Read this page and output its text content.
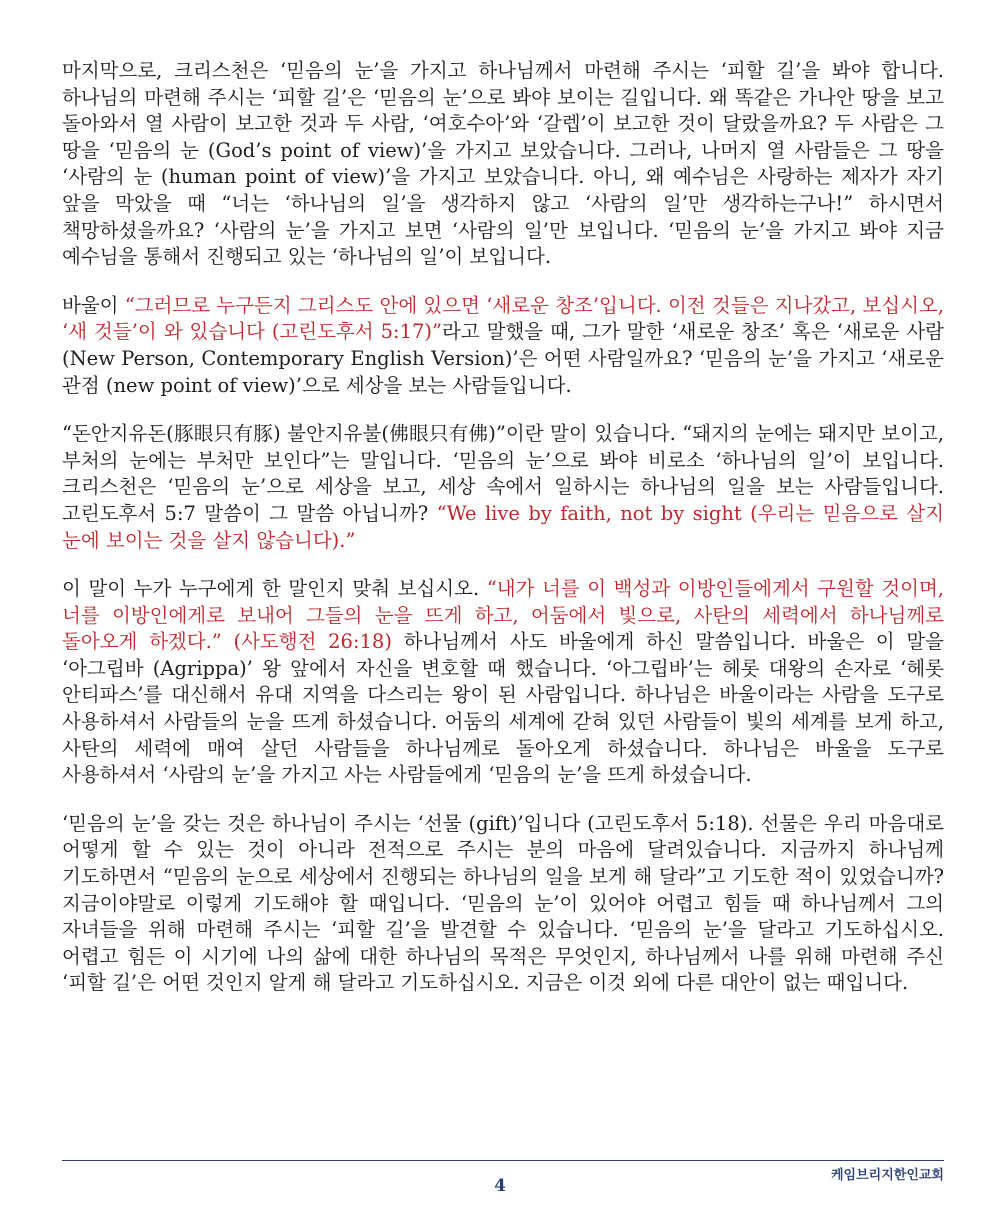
마지막으로, 크리스천은 ‘믿음의 눈’을 가지고 하나님께서 마련해 주시는 ‘피할 길’을 봐야 합니다. 하나님의 마련해 주시는 ‘피할 길’은 ‘믿음의 눈’으로 봐야 보이는 길입니다. 왜 똑같은 가나안 땅을 보고 돌아와서 열 사람이 보고한 것과 두 사람, ‘여호수아’와 ‘갈렙’이 보고한 것이 달랐을까요? 두 사람은 그 땅을 ‘믿음의 눈 (God’s point of view)’을 가지고 보았습니다. 그러나, 나머지 열 사람들은 그 땅을 ‘사람의 눈 (human point of view)’을 가지고 보았습니다. 아니, 왜 예수님은 사랑하는 제자가 자기 앞을 막았을 때 “너는 ‘하나님의 일’을 생각하지 않고 ‘사람의 일’만 생각하는구나!” 하시면서 책망하셨을까요? ‘사람의 눈’을 가지고 보면 ‘사람의 일’만 보입니다. ‘믿음의 눈’을 가지고 봐야 지금 예수님을 통해서 진행되고 있는 ‘하나님의 일’이 보입니다.

바울이 “그러므로 누구든지 그리스도 안에 있으면 ‘새로운 창조’입니다. 이전 것들은 지나갔고, 보십시오, ‘새 것들’이 와 있습니다 (고린도후서 5:17)”라고 말했을 때, 그가 말한 ‘새로운 창조’ 혹은 ‘새로운 사람 (New Person, Contemporary English Version)’은 어떤 사람일까요? ‘믿음의 눈’을 가지고 ‘새로운 관점 (new point of view)’으로 세상을 보는 사람들입니다.

“돈안지유돈(豚眼只有豚) 불안지유불(佛眼只有佛)”이란 말이 있습니다. “돼지의 눈에는 돼지만 보이고, 부처의 눈에는 부처만 보인다”는 말입니다. ‘믿음의 눈’으로 봐야 비로소 ‘하나님의 일’이 보입니다. 크리스천은 ‘믿음의 눈’으로 세상을 보고, 세상 속에서 일하시는 하나님의 일을 보는 사람들입니다. 고린도후서 5:7 말씀이 그 말씀 아닙니까? “We live by faith, not by sight (우리는 믿음으로 살지 눈에 보이는 것을 살지 않습니다).”

이 말이 누가 누구에게 한 말인지 맞춰 보십시오. “내가 너를 이 백성과 이방인들에게서 구원할 것이며, 너를 이방인에게로 보내어 그들의 눈을 뜨게 하고, 어둠에서 빛으로, 사탄의 세력에서 하나님께로 돌아오게 하겠다.” (사도행전 26:18) 하나님께서 사도 바울에게 하신 말씀입니다. 바울은 이 말을 ‘아그립바 (Agrippa)’ 왕 앞에서 자신을 변호할 때 했습니다. ‘아그립바’는 헤롯 대왕의 손자로 ‘헤롯 안티파스’를 대신해서 유대 지역을 다스리는 왕이 된 사람입니다. 하나님은 바울이라는 사람을 도구로 사용하셔서 사람들의 눈을 뜨게 하셨습니다. 어둠의 세계에 갇혀 있던 사람들이 빛의 세계를 보게 하고, 사탄의 세력에 매여 살던 사람들을 하나님께로 돌아오게 하셨습니다. 하나님은 바울을 도구로 사용하셔서 ‘사람의 눈’을 가지고 사는 사람들에게 ‘믿음의 눈’을 뜨게 하셨습니다.

‘믿음의 눈’을 갖는 것은 하나님이 주시는 ‘선물 (gift)’입니다 (고린도후서 5:18). 선물은 우리 마음대로 어떻게 할 수 있는 것이 아니라 전적으로 주시는 분의 마음에 달려있습니다. 지금까지 하나님께 기도하면서 “믿음의 눈으로 세상에서 진행되는 하나님의 일을 보게 해 달라”고 기도한 적이 있었습니까? 지금이야말로 이렇게 기도해야 할 때입니다. ‘믿음의 눈’이 있어야 어렵고 힘들 때 하나님께서 그의 자녀들을 위해 마련해 주시는 ‘피할 길’을 발견할 수 있습니다. ‘믿음의 눈’을 달라고 기도하십시오. 어렵고 힘든 이 시기에 나의 삶에 대한 하나님의 목적은 무엇인지, 하나님께서 나를 위해 마련해 주신 ‘피할 길’은 어떤 것인지 알게 해 달라고 기도하십시오. 지금은 이것 외에 다른 대안이 없는 때입니다.

케임브리지한인교회
4
